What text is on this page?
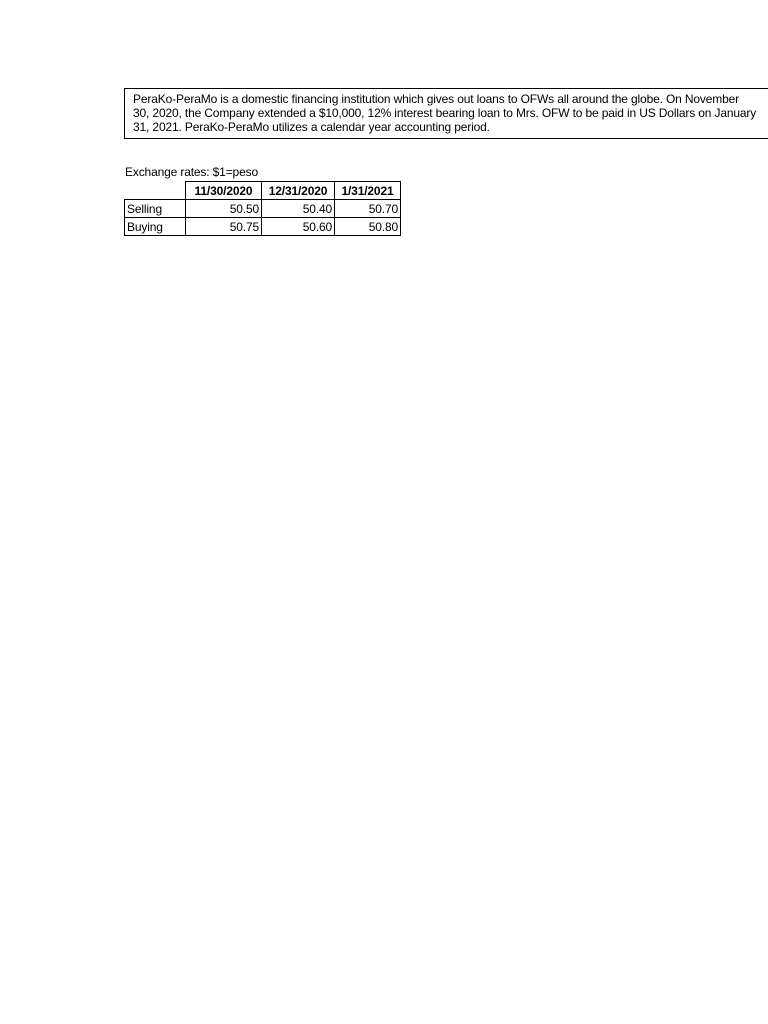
PeraKo-PeraMo is a domestic financing institution which gives out loans to OFWs all around the globe. On November
30, 2020, the Company extended a $10,000, 12% interest bearing loan to Mrs. OFW to be paid in US Dollars on January
31, 2021. PeraKo-PeraMo utilizes a calendar year accounting period.
Exchange rates: $1=peso
	11/30/2020	12/31/2020	1/31/2021
Selling	50.50	50.40	50.70
Buying	50.75	50.60	50.80
